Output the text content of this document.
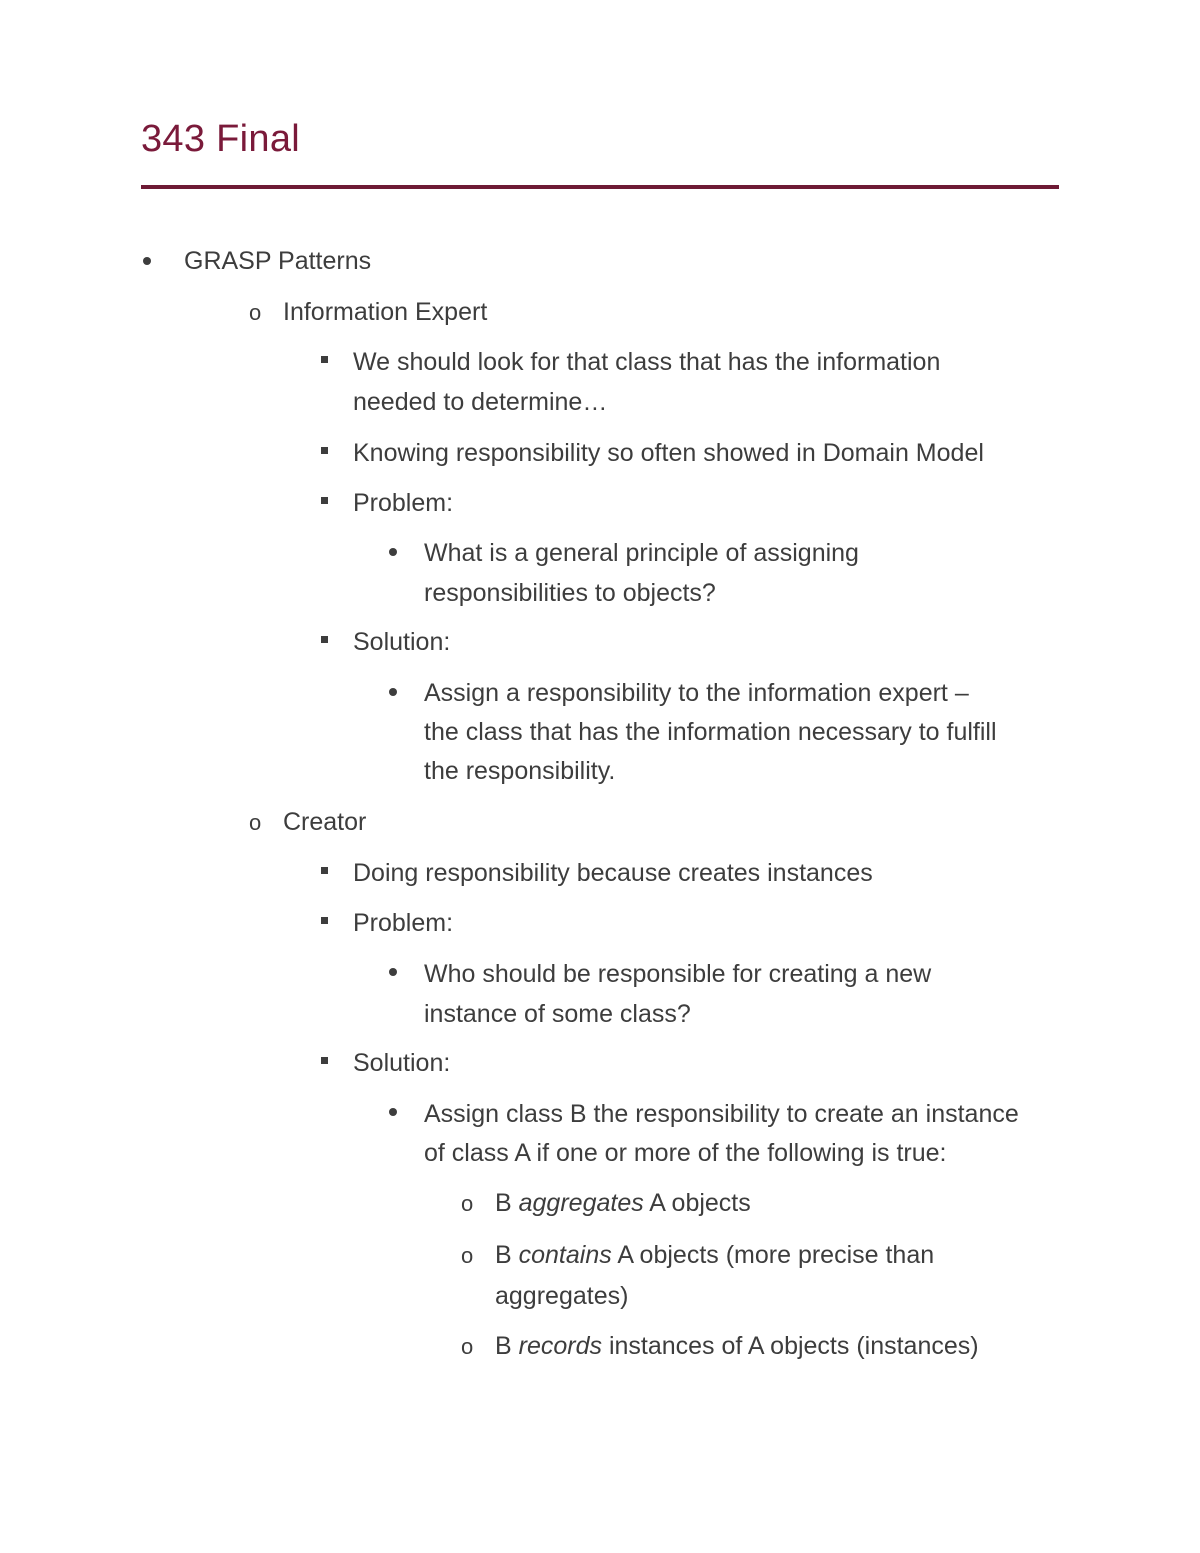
343 Final
GRASP Patterns
o Information Expert
We should look for that class that has the information
needed to determine…
Knowing responsibility so often showed in Domain Model
Problem:
What is a general principle of assigning
responsibilities to objects?
Solution:
Assign a responsibility to the information expert –
the class that has the information necessary to fulfill
the responsibility.
o Creator
Doing responsibility because creates instances
Problem:
Who should be responsible for creating a new
instance of some class?
Solution:
Assign class B the responsibility to create an instance
of class A if one or more of the following is true:
o B aggregates A objects
o B contains A objects (more precise than
aggregates)
o B records instances of A objects (instances)
